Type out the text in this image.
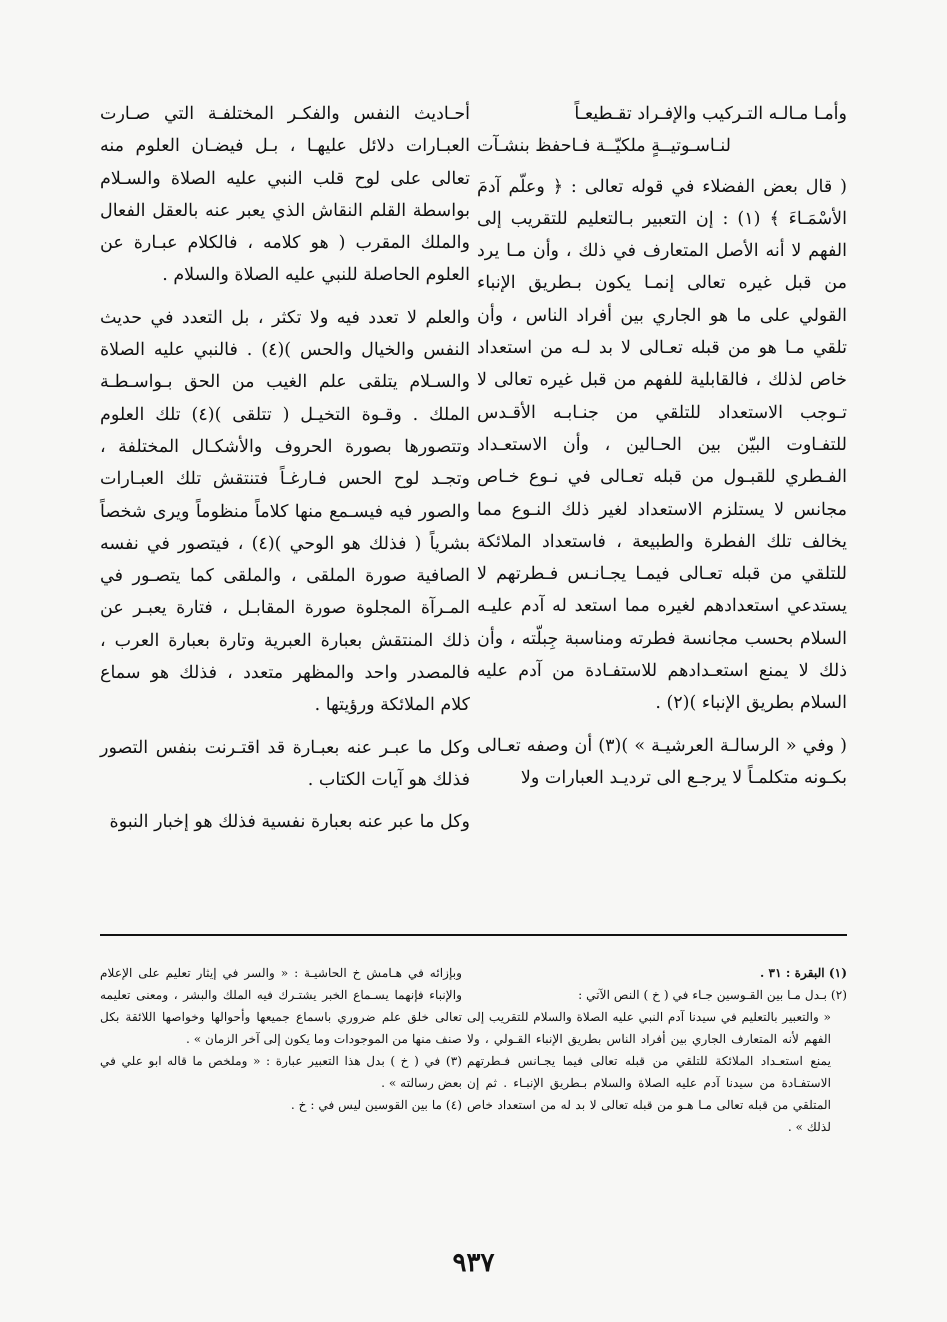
وأمـا مـالـه التـركيب والإفـراد تقـطيعـاً
لنـاسـوتيــةٍ ملكيّــة فـاحفظ بنشـآت

( قال بعض الفضلاء في قوله تعالى : ﴿ وعلّم آدمَ الأسْمَـاءَ ﴾ (١) : إن التعبير بـالتعليم للتقريب إلى الفهم لا أنه الأصل المتعارف في ذلك ، وأن مـا يرد من قبل غيره تعالى إنمـا يكون بـطريق الإنباء القولي على ما هو الجاري بين أفراد الناس ، وأن تلقي مـا هو من قبله تعـالى لا بد لـه من استعداد خاص لذلك ، فالقابلية للفهم من قبل غيره تعالى لا تـوجب الاستعداد للتلقي من جنـابـه الأقـدس للتفـاوت البيّن بين الحـالين ، وأن الاستعـداد الفـطري للقبـول من قبله تعـالى في نـوع خـاص مجانس لا يستلزم الاستعداد لغير ذلك النـوع مما يخالف تلك الفطرة والطبيعة ، فاستعداد الملائكة للتلقي من قبله تعـالى فيمـا يجـانـس فـطرتهم لا يستدعي استعدادهم لغيره مما استعد له آدم عليـه السلام بحسب مجانسة فطرته ومناسبة جِبلّته ، وأن ذلك لا يمنع استعـدادهم للاستفـادة من آدم عليه السلام بطريق الإنباء )(٢) .

( وفي « الرسالـة العرشيـة » )(٣) أن وصفه تعـالى بكـونه متكلمـاً لا يرجـع الى ترديـد العبارات ولا

أحـاديث النفس والفكـر المختلفـة التي صـارت العبـارات دلائل عليهـا ، بـل فيضـان العلوم منه تعالى على لوح قلب النبي عليه الصلاة والسـلام بواسطة القلم النقاش الذي يعبر عنه بالعقل الفعال والملك المقرب ( هو كلامه ، فالكلام عبـارة عن العلوم الحاصلة للنبي عليه الصلاة والسلام .

والعلم لا تعدد فيه ولا تكثر ، بل التعدد في حديث النفس والخيال والحس )(٤) . فالنبي عليه الصلاة والسـلام يتلقى علم الغيب من الحق بـواسـطـة الملك . وقـوة التخيـل ( تتلقى )(٤) تلك العلوم وتتصورها بصورة الحروف والأشكـال المختلفة ، وتجـد لوح الحس فـارغـاً فتنتقش تلك العبـارات والصور فيه فيسـمع منها كلاماً منظوماً ويرى شخصاً بشرياً ( فذلك هو الوحي )(٤) ، فيتصور في نفسه الصافية صورة الملقى ، والملقى كما يتصـور في المـرآة المجلوة صورة المقابـل ، فتارة يعبـر عن ذلك المنتقش بعبارة العبرية وتارة بعبارة العرب ، فالمصدر واحد والمظهر متعدد ، فذلك هو سماع كلام الملائكة ورؤيتها .

وكل ما عبـر عنه بعبـارة قد اقتـرنت بنفس التصور فذلك هو آيات الكتاب .

وكل ما عبر عنه بعبارة نفسية فذلك هو إخبار النبوة

(١) البقرة : ٣١ .

(٢) بـدل مـا بين القـوسين جـاء في ( خ ) النص الآتي :

« والتعبير بالتعليم في سيدنا آدم النبي عليه الصلاة والسلام للتقريب إلى الفهم لأنه المتعارف الجاري بين أفراد الناس بطريق الإنباء القـولي ، ولا يمنع استعـداد الملائكة للتلقي من قبله تعالى فيما يجـانس فـطرتهم الاستفـادة من سيدنا آدم عليه الصلاة والسلام بـطريق الإنبـاء . ثم إن المتلقي من قبله تعالى مـا هـو من قبله تعالى لا بد له من استعداد خاص لذلك » .

وبإزائه في هـامش خ الحاشيـة : « والسر في إيثار تعليم على الإعلام والإنباء فإنهما يسـماع الخبر يشتـرك فيه الملك والبشر ، ومعنى تعليمه تعالى خلق علم ضروري باسماع جميعها وأحوالها وخواصها اللائقة بكل صنف منها من الموجودات وما يكون إلى آخر الزمان » .

(٣) في ( خ ) بدل هذا التعبير عبارة : « وملخص ما قاله ابو علي في بعض رسالته » .

(٤) ما بين القوسين ليس في : خ .

٩٣٧
